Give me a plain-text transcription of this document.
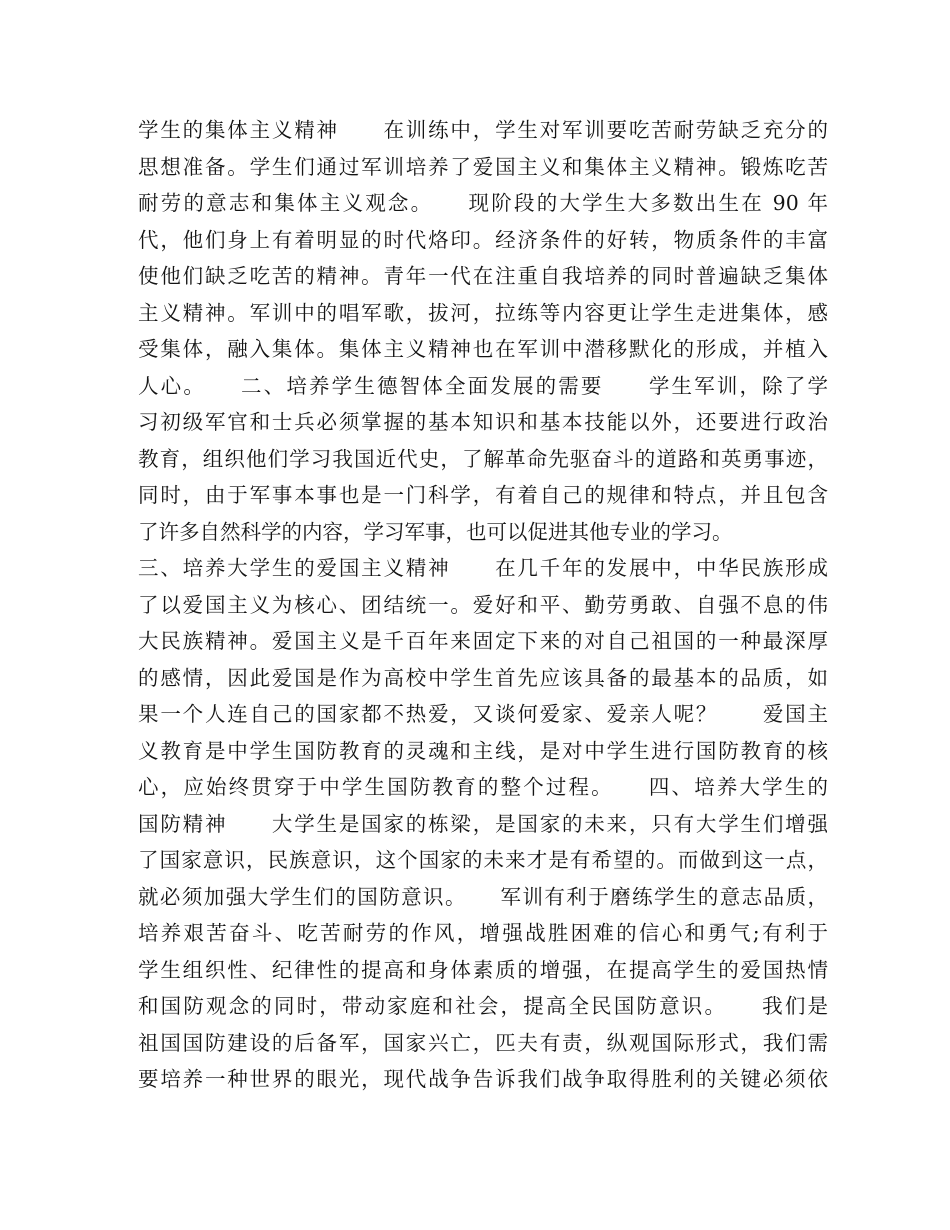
学生的集体主义精神　　在训练中，学生对军训要吃苦耐劳缺乏充分的
思想准备。学生们通过军训培养了爱国主义和集体主义精神。锻炼吃苦
耐劳的意志和集体主义观念。　　现阶段的大学生大多数出生在 90 年
代，他们身上有着明显的时代烙印。经济条件的好转，物质条件的丰富
使他们缺乏吃苦的精神。青年一代在注重自我培养的同时普遍缺乏集体
主义精神。军训中的唱军歌，拔河，拉练等内容更让学生走进集体，感
受集体，融入集体。集体主义精神也在军训中潜移默化的形成，并植入
人心。　　二、培养学生德智体全面发展的需要　　学生军训，除了学
习初级军官和士兵必须掌握的基本知识和基本技能以外，还要进行政治
教育，组织他们学习我国近代史，了解革命先驱奋斗的道路和英勇事迹，
同时，由于军事本事也是一门科学，有着自己的规律和特点，并且包含
了许多自然科学的内容，学习军事，也可以促进其他专业的学习。
三、培养大学生的爱国主义精神　　在几千年的发展中，中华民族形成
了以爱国主义为核心、团结统一。爱好和平、勤劳勇敢、自强不息的伟
大民族精神。爱国主义是千百年来固定下来的对自己祖国的一种最深厚
的感情，因此爱国是作为高校中学生首先应该具备的最基本的品质，如
果一个人连自己的国家都不热爱，又谈何爱家、爱亲人呢？　　爱国主
义教育是中学生国防教育的灵魂和主线，是对中学生进行国防教育的核
心，应始终贯穿于中学生国防教育的整个过程。　　四、培养大学生的
国防精神　　大学生是国家的栋梁，是国家的未来，只有大学生们增强
了国家意识，民族意识，这个国家的未来才是有希望的。而做到这一点，
就必须加强大学生们的国防意识。　　军训有利于磨练学生的意志品质，
培养艰苦奋斗、吃苦耐劳的作风，增强战胜困难的信心和勇气;有利于
学生组织性、纪律性的提高和身体素质的增强，在提高学生的爱国热情
和国防观念的同时，带动家庭和社会，提高全民国防意识。　　我们是
祖国国防建设的后备军，国家兴亡，匹夫有责，纵观国际形式，我们需
要培养一种世界的眼光，现代战争告诉我们战争取得胜利的关键必须依
